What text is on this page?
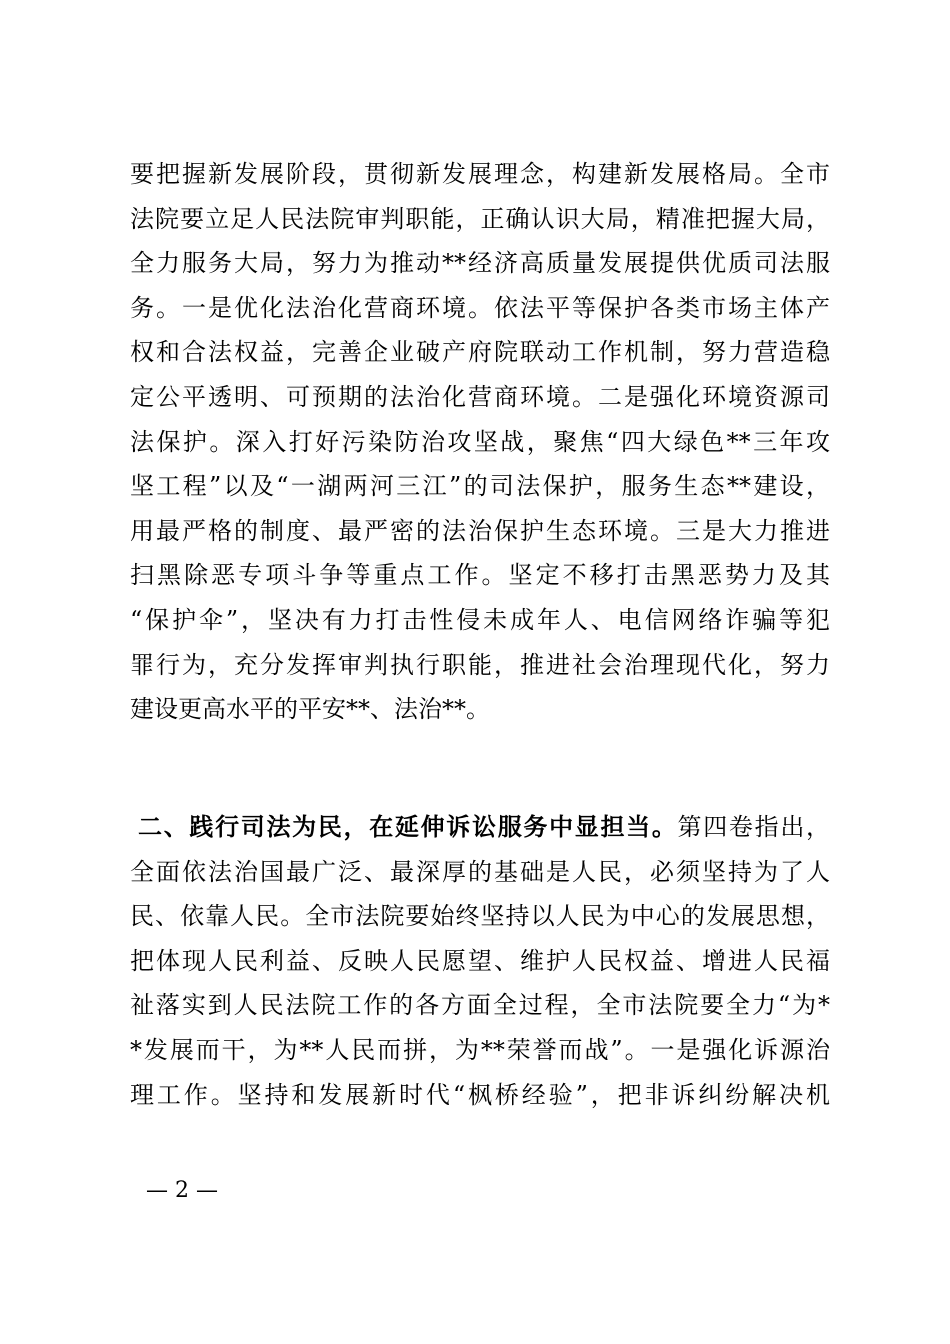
要把握新发展阶段，贯彻新发展理念，构建新发展格局。全市
法院要立足人民法院审判职能，正确认识大局，精准把握大局，
全力服务大局，努力为推动**经济高质量发展提供优质司法服
务。一是优化法治化营商环境。依法平等保护各类市场主体产
权和合法权益，完善企业破产府院联动工作机制，努力营造稳
定公平透明、可预期的法治化营商环境。二是强化环境资源司
法保护。深入打好污染防治攻坚战，聚焦“四大绿色**三年攻
坚工程”以及“一湖两河三江”的司法保护，服务生态**建设，
用最严格的制度、最严密的法治保护生态环境。三是大力推进
扫黑除恶专项斗争等重点工作。坚定不移打击黑恶势力及其
“保护伞”，坚决有力打击性侵未成年人、电信网络诈骗等犯
罪行为，充分发挥审判执行职能，推进社会治理现代化，努力
建设更高水平的平安**、法治**。
二、践行司法为民，在延伸诉讼服务中显担当。第四卷指出，
全面依法治国最广泛、最深厚的基础是人民，必须坚持为了人
民、依靠人民。全市法院要始终坚持以人民为中心的发展思想，
把体现人民利益、反映人民愿望、维护人民权益、增进人民福
祉落实到人民法院工作的各方面全过程，全市法院要全力“为*
*发展而干，为**人民而拼，为**荣誉而战”。一是强化诉源治
理工作。坚持和发展新时代“枫桥经验”，把非诉纠纷解决机
— 2 —
